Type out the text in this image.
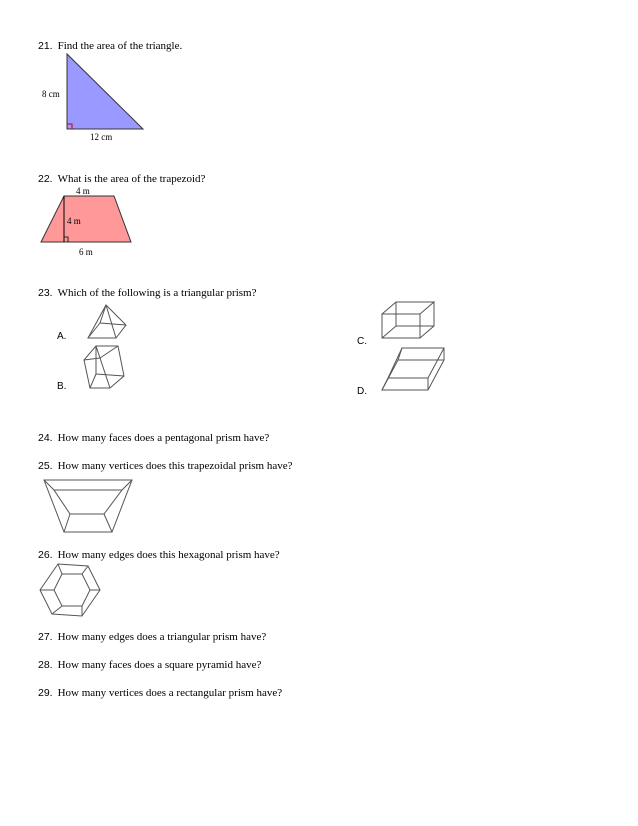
21. Find the area of the triangle.
8 cm
12 cm
22. What is the area of the trapezoid?
4 m
4 m
6 m
23. Which of the following is a triangular prism?
A.
B.
C.
D.
24. How many faces does a pentagonal prism have?
25. How many vertices does this trapezoidal prism have?
26. How many edges does this hexagonal prism have?
27. How many edges does a triangular prism have?
28. How many faces does a square pyramid have?
29. How many vertices does a rectangular prism have?
